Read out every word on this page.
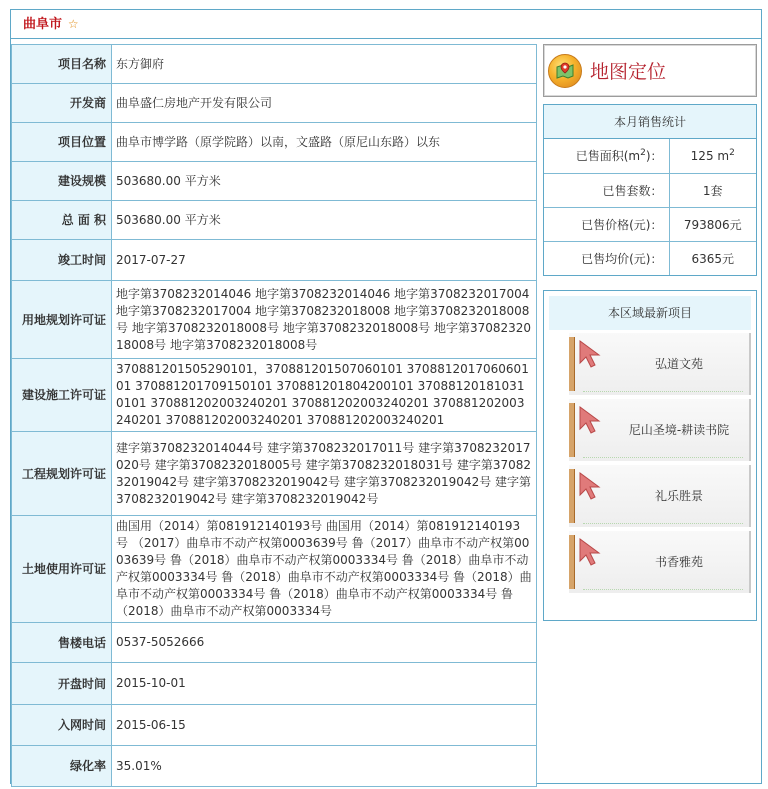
曲阜市 ☆
项目名称	东方御府
开发商	曲阜盛仁房地产开发有限公司
项目位置	曲阜市博学路（原学院路）以南，文盛路（原尼山东路）以东
建设规模	503680.00 平方米
总 面 积	503680.00 平方米
竣工时间	2017-07-27
用地规划许可证	地字第3708232014046 地字第3708232014046 地字第3708232017004 地字第3708232017004 地字第3708232018008 地字第3708232018008号 地字第3708232018008号 地字第3708232018008号 地字第3708232018008号 地字第3708232018008号
建设施工许可证	370881201505290101，370881201507060101 370881201706060101 370881201709150101 370881201804200101 370881201810310101 370881202003240201 370881202003240201 370881202003240201 370881202003240201 370881202003240201
工程规划许可证	建字第3708232014044号 建字第3708232017011号 建字第3708232017020号 建字第3708232018005号 建字第3708232018031号 建字第3708232019042号 建字第3708232019042号 建字第3708232019042号 建字第3708232019042号 建字第3708232019042号
土地使用许可证	曲国用（2014）第081912140193号 曲国用（2014）第081912140193号 （2017）曲阜市不动产权第0003639号 鲁（2017）曲阜市不动产权第0003639号 鲁（2018）曲阜市不动产权第0003334号 鲁（2018）曲阜市不动产权第0003334号 鲁（2018）曲阜市不动产权第0003334号 鲁（2018）曲阜市不动产权第0003334号 鲁（2018）曲阜市不动产权第0003334号 鲁（2018）曲阜市不动产权第0003334号
售楼电话	0537-5052666
开盘时间	2015-10-01
入网时间	2015-06-15
绿化率	35.01%
地图定位
本月销售统计
已售面积$(m^2)$：	125 $m^2$
已售套数：	1套
已售价格(元)：	793806元
已售均价(元)：	6365元
本区域最新项目
弘道文苑
尼山圣境-耕读书院
礼乐胜景
书香雅苑
